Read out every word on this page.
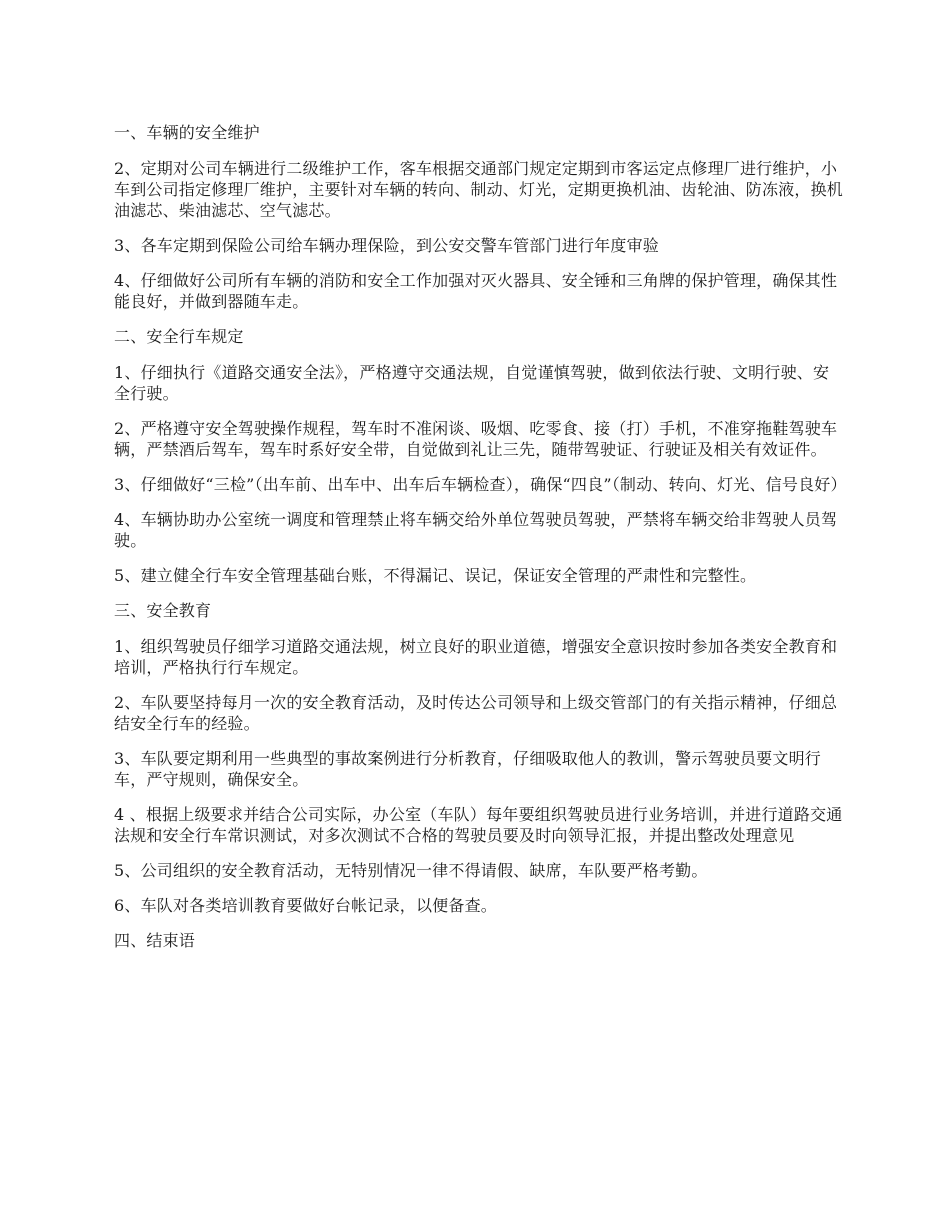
一、车辆的安全维护

2、定期对公司车辆进行二级维护工作，客车根据交通部门规定定期到市客运定点修理厂进行维护，小车到公司指定修理厂维护，主要针对车辆的转向、制动、灯光，定期更换机油、齿轮油、防冻液，换机油滤芯、柴油滤芯、空气滤芯。

3、各车定期到保险公司给车辆办理保险，到公安交警车管部门进行年度审验

4、仔细做好公司所有车辆的消防和安全工作加强对灭火器具、安全锤和三角牌的保护管理，确保其性能良好，并做到器随车走。

二、安全行车规定

1、仔细执行《道路交通安全法》，严格遵守交通法规，自觉谨慎驾驶，做到依法行驶、文明行驶、安全行驶。

2、严格遵守安全驾驶操作规程，驾车时不准闲谈、吸烟、吃零食、接（打）手机，不准穿拖鞋驾驶车辆，严禁酒后驾车，驾车时系好安全带，自觉做到礼让三先，随带驾驶证、行驶证及相关有效证件。

3、仔细做好“三检”（出车前、出车中、出车后车辆检查），确保“四良”（制动、转向、灯光、信号良好）

4、车辆协助办公室统一调度和管理禁止将车辆交给外单位驾驶员驾驶，严禁将车辆交给非驾驶人员驾驶。

5、建立健全行车安全管理基础台账，不得漏记、误记，保证安全管理的严肃性和完整性。

三、安全教育

1、组织驾驶员仔细学习道路交通法规，树立良好的职业道德，增强安全意识按时参加各类安全教育和培训，严格执行行车规定。

2、车队要坚持每月一次的安全教育活动，及时传达公司领导和上级交管部门的有关指示精神，仔细总结安全行车的经验。

3、车队要定期利用一些典型的事故案例进行分析教育，仔细吸取他人的教训，警示驾驶员要文明行车，严守规则，确保安全。

4 、根据上级要求并结合公司实际，办公室（车队）每年要组织驾驶员进行业务培训，并进行道路交通法规和安全行车常识测试，对多次测试不合格的驾驶员要及时向领导汇报，并提出整改处理意见

5、公司组织的安全教育活动，无特别情况一律不得请假、缺席，车队要严格考勤。

6、车队对各类培训教育要做好台帐记录，以便备查。

四、结束语
